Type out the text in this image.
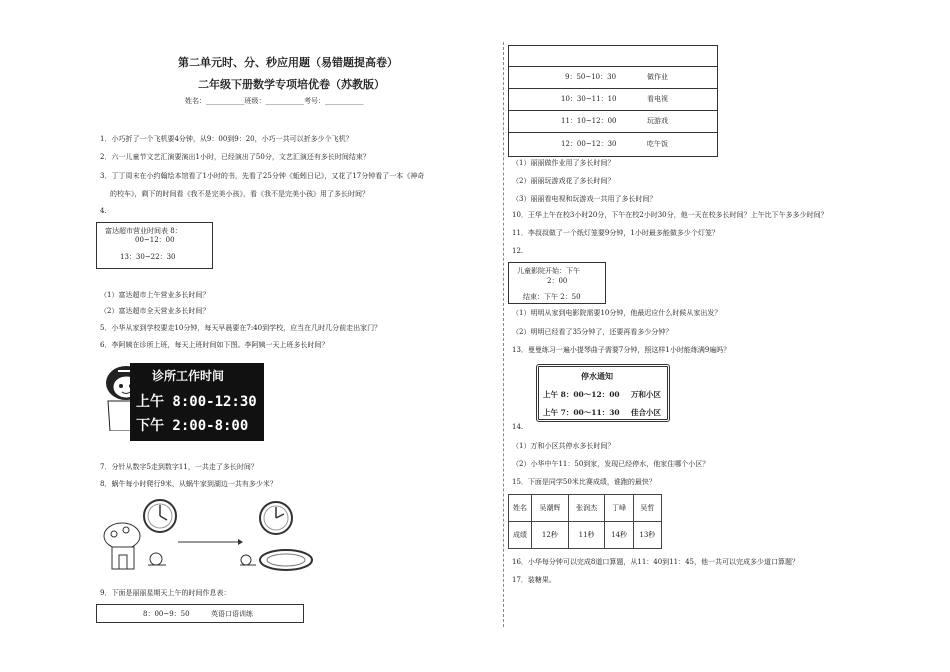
第二单元时、分、秒应用题（易错题提高卷）
二年级下册数学专项培优卷（苏教版）
姓名：___________班级：___________考号：___________
1．小巧折了一个飞机要4分钟，从9：00到9：20，小巧一共可以折多少个飞机？
2．六一儿童节文艺汇演要演出1小时，已经演出了50分，文艺汇演还有多长时间结束？
3．丁丁周末在小约翰绘本馆看了1小时的书，先看了25分钟《蚯蚓日记》，又花了17分钟看了一本《神奇
的校车》，剩下的时间看《我不是完美小孩》，看《我不是完美小孩》用了多长时间？
4.
富达超市营业时间表 8：
00~12：00
13：30~22：30
（1）富达超市上午营业多长时间？
（2）富达超市全天营业多长时间？
5．小华从家到学校要走10分钟，每天早晨要在7:40到学校，应当在几时几分前走出家门？
6．李阿姨在诊所上班，每天上班时间如下图。李阿姨一天上班多长时间？
诊所工作时间
上午 8:00-12:30
下午 2:00-8:00
7．分针从数字5走到数字11，一共走了多长时间？
8．蜗牛每小时爬行9米，从蜗牛家到湖边一共有多少米？
9．下面是丽丽星期天上午的时间作息表：
8：00~9：50	英语口语训练
9：50~10：30	做作业
10：30~11：10	看电视
11：10~12：00	玩游戏
12：00~12：30	吃午饭
（1）丽丽做作业用了多长时间？
（2）丽丽玩游戏花了多长时间？
（3）丽丽看电视和玩游戏一共用了多长时间？
10．王华上午在校3小时20分，下午在校2小时30分，他一天在校多长时间？上午比下午多多少时间？
11．李叔叔做了一个纸灯笼要9分钟，1小时最多能做多少个灯笼？
12.
儿童影院开始：下午
2：00
结束：下午 2：50
（1）明明从家到电影院需要10分钟，他最迟应什么时候从家出发？
（2）明明已经看了35分钟了，还要再看多少分钟？
13．曼曼练习一遍小提琴曲子需要7分钟，照这样1小时能练满9遍吗？
停水通知
上午 8：00～12：00 万和小区
上午 7：00～11：30 佳合小区
14.
（1）万和小区共停水多长时间？
（2）小华中午11：50到家，发现已经停水，他家住哪个小区？
15．下面是同学50米比赛成绩，谁跑的最快？
姓名	吴潮辉	张润杰	丁峰	吴哲
成绩	12秒	11秒	14秒	13秒
16．小华每分钟可以完成8道口算题，从11：40到11：45，他一共可以完成多少道口算题？
17．装糖果。
